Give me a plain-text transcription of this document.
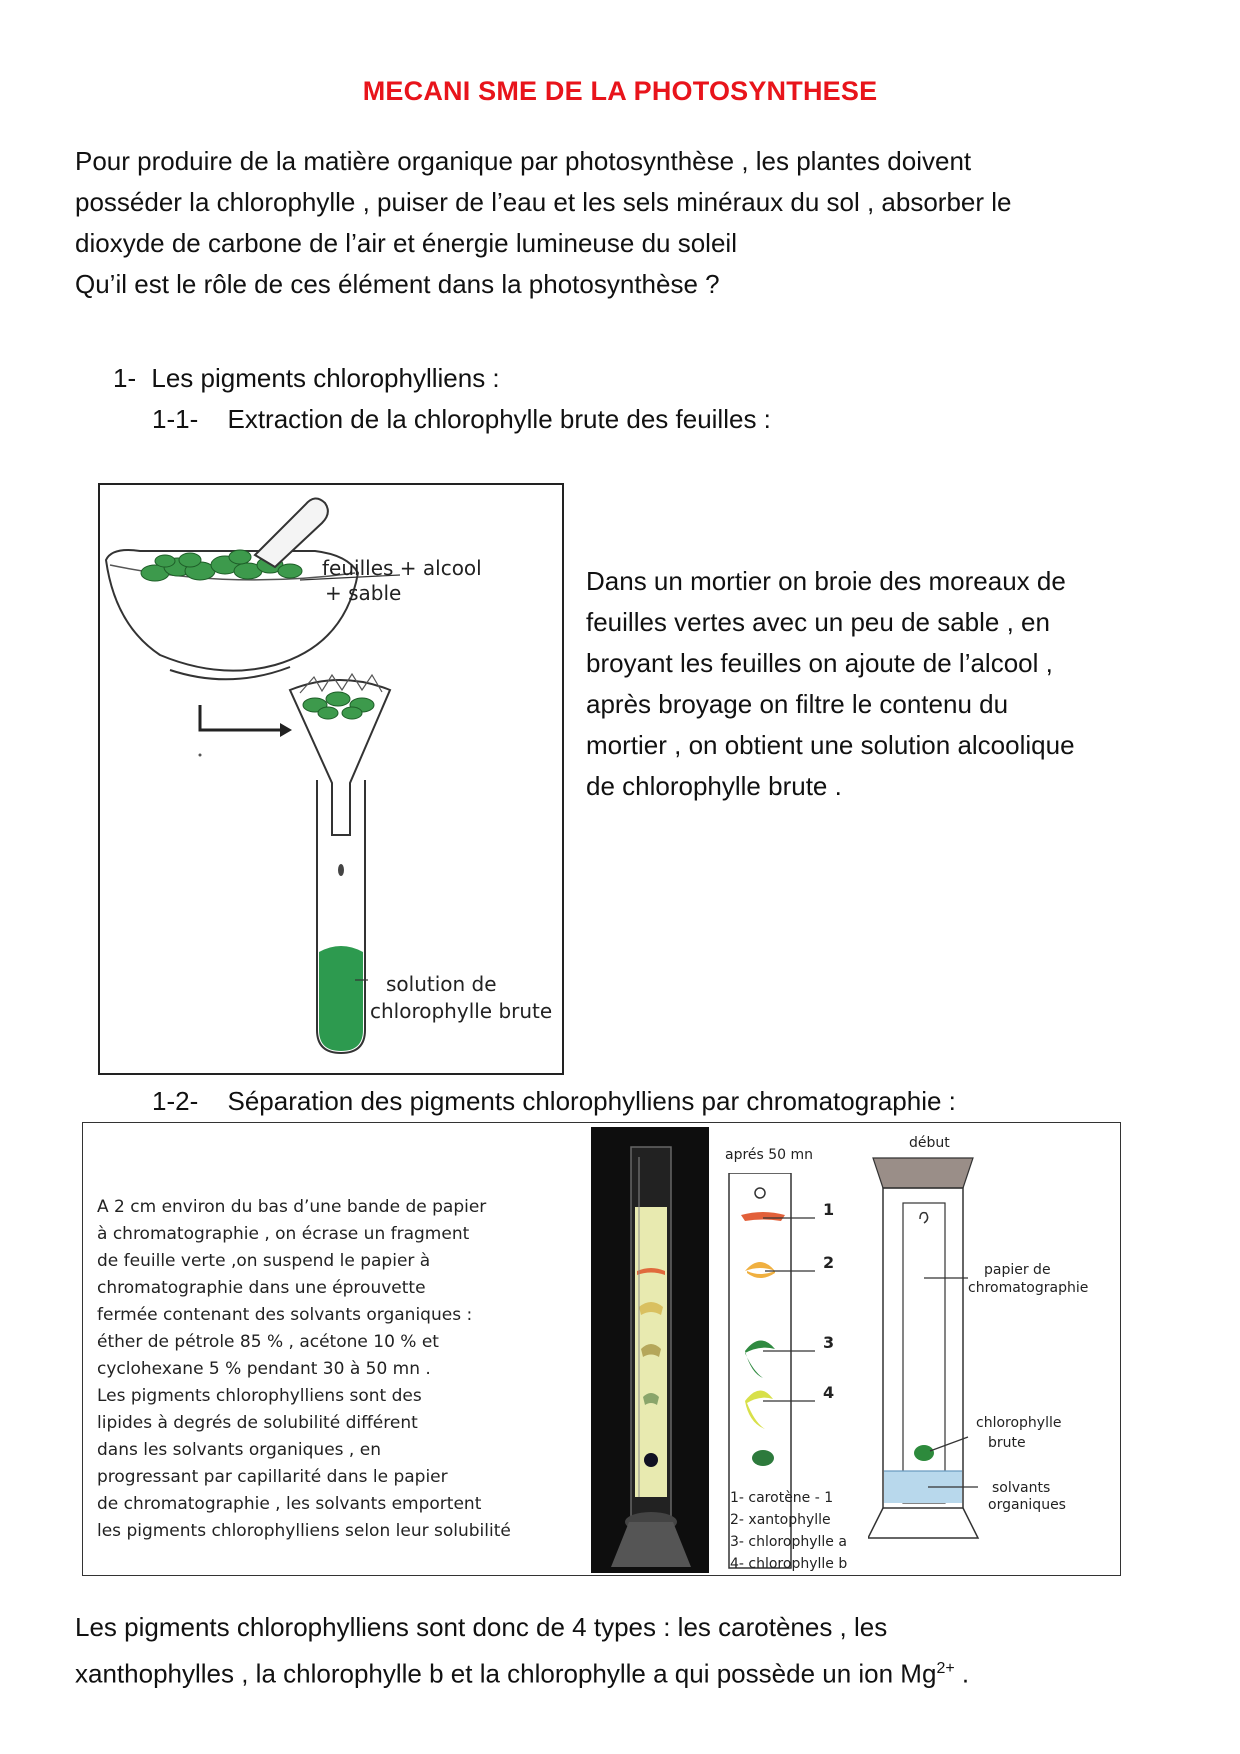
MECANI SME DE LA PHOTOSYNTHESE
Pour produire de la matière organique par photosynthèse , les plantes doivent
posséder la chlorophylle , puiser de l’eau et les sels minéraux du sol , absorber le
dioxyde de carbone de l’air et énergie lumineuse du soleil
Qu’il est le rôle de ces élément dans la photosynthèse ?
1- Les pigments chlorophylliens :
1-1- Extraction de la chlorophylle brute des feuilles :
feuilles + alcool
+ sable
solution de
chlorophylle brute
Dans un mortier on broie des moreaux de
feuilles vertes avec un peu de sable , en
broyant les feuilles on ajoute de l’alcool ,
après broyage on filtre le contenu du
mortier , on obtient une solution alcoolique
de chlorophylle brute .
1-2- Séparation des pigments chlorophylliens par chromatographie :
A 2 cm environ du bas d’une bande de papier
à chromatographie , on écrase un fragment
de feuille verte ,on suspend le papier à
chromatographie dans une éprouvette
fermée contenant des solvants organiques :
éther de pétrole 85 % , acétone 10 % et
cyclohexane 5 % pendant 30 à 50 mn .
Les pigments chlorophylliens sont des
lipides à degrés de solubilité différent
dans les solvants organiques , en
progressant par capillarité dans le papier
de chromatographie , les solvants emportent
les pigments chlorophylliens selon leur solubilité
aprés 50 mn
1
2
3
4
1- carotène - 1
2- xantophylle
3- chlorophylle a
4- chlorophylle b
début
papier de
chromatographie
chlorophylle
brute
solvants
organiques
Les pigments chlorophylliens sont donc de 4 types : les carotènes , les
xanthophylles , la chlorophylle b et la chlorophylle a qui possède un ion $Mg^{2+}$ .
